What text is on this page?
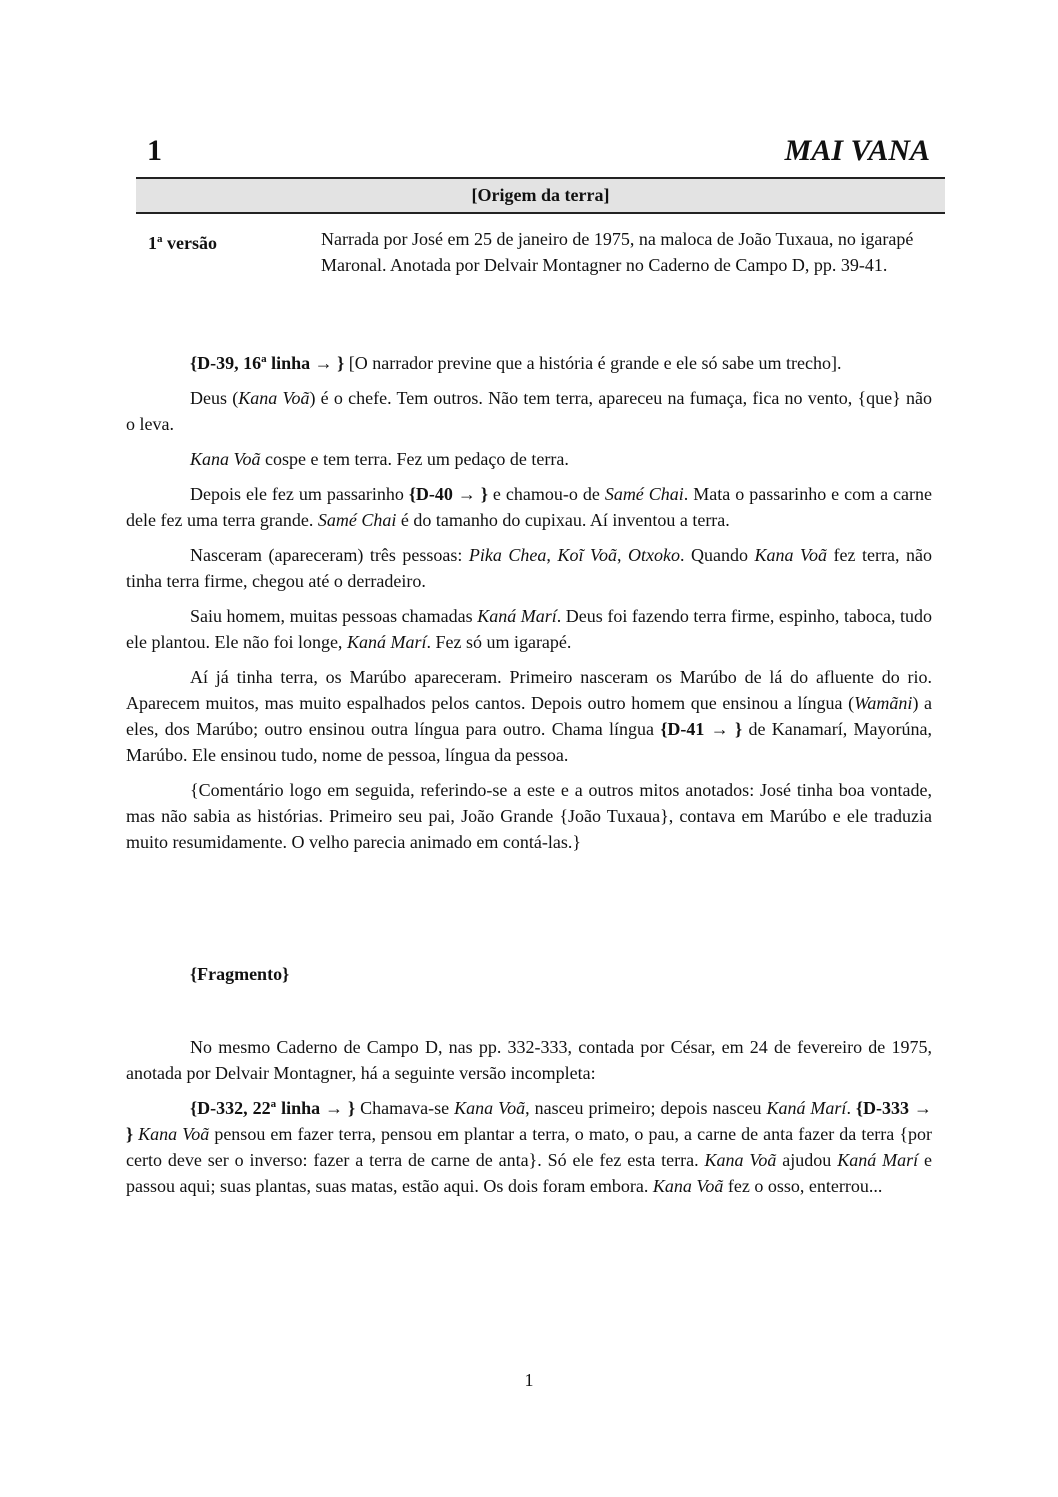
1	MAI VANA
[Origem da terra]
1$^a$ versão	Narrada por José em 25 de janeiro de 1975, na maloca de João Tuxaua, no igarapé Maronal. Anotada por Delvair Montagner no Caderno de Campo D, pp. 39-41.

{D-39, 16$^a$ linha → } [O narrador previne que a história é grande e ele só sabe um trecho].

Deus (Kana Voã) é o chefe. Tem outros. Não tem terra, apareceu na fumaça, fica no vento, {que} não o leva.

Kana Voã cospe e tem terra. Fez um pedaço de terra.

Depois ele fez um passarinho {D-40 → } e chamou-o de Samé Chai. Mata o passarinho e com a carne dele fez uma terra grande. Samé Chai é do tamanho do cupixau. Aí inventou a terra.

Nasceram (apareceram) três pessoas: Pika Chea, Koĩ Voã, Otxoko. Quando Kana Voã fez terra, não tinha terra firme, chegou até o derradeiro.

Saiu homem, muitas pessoas chamadas Kaná Marí. Deus foi fazendo terra firme, espinho, taboca, tudo ele plantou. Ele não foi longe, Kaná Marí. Fez só um igarapé.

Aí já tinha terra, os Marúbo apareceram. Primeiro nasceram os Marúbo de lá do afluente do rio. Aparecem muitos, mas muito espalhados pelos cantos. Depois outro homem que ensinou a língua (Wamãni) a eles, dos Marúbo; outro ensinou outra língua para outro. Chama língua {D-41 → } de Kanamarí, Mayorúna, Marúbo. Ele ensinou tudo, nome de pessoa, língua da pessoa.

{Comentário logo em seguida, referindo-se a este e a outros mitos anotados: José tinha boa vontade, mas não sabia as histórias. Primeiro seu pai, João Grande {João Tuxaua}, contava em Marúbo e ele traduzia muito resumidamente. O velho parecia animado em contá-las.}

{Fragmento}

No mesmo Caderno de Campo D, nas pp. 332-333, contada por César, em 24 de fevereiro de 1975, anotada por Delvair Montagner, há a seguinte versão incompleta:

{D-332, 22$^a$ linha → } Chamava-se Kana Voã, nasceu primeiro; depois nasceu Kaná Marí. {D-333 → } Kana Voã pensou em fazer terra, pensou em plantar a terra, o mato, o pau, a carne de anta fazer da terra {por certo deve ser o inverso: fazer a terra de carne de anta}. Só ele fez esta terra. Kana Voã ajudou Kaná Marí e passou aqui; suas plantas, suas matas, estão aqui. Os dois foram embora. Kana Voã fez o osso, enterrou...

1
